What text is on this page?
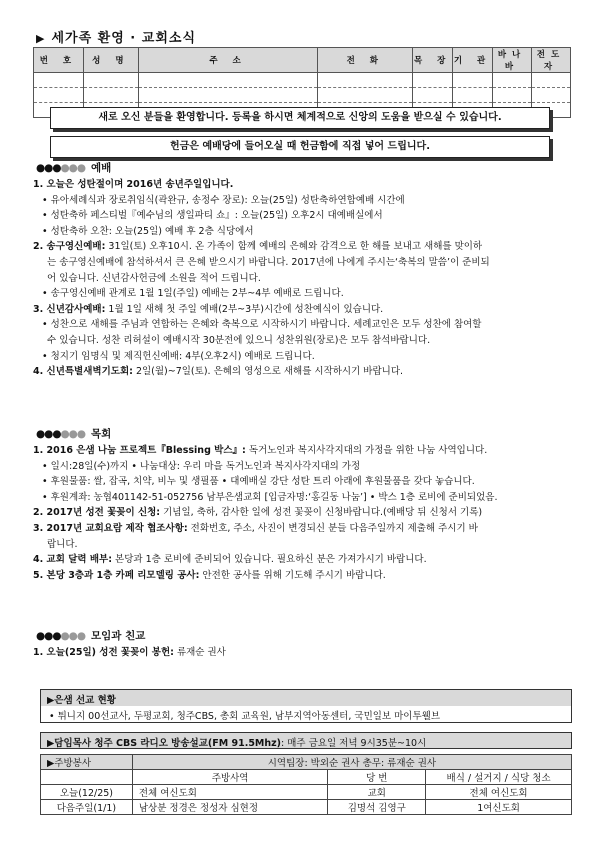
▶ 세가족 환영 · 교회소식
번 호	성 명	주 소	전 화	목 장	기 관	바나바	전도자

새로 오신 분들을 환영합니다. 등록을 하시면 체계적으로 신앙의 도움을 받으실 수 있습니다.
헌금은 예배당에 들어오실 때 헌금함에 직접 넣어 드립니다.
●●●●●● 예배

1. 오늘은 성탄절이며 2016년 송년주일입니다.

• 유아세례식과 장로취임식(곽완규, 송정수 장로): 오늘(25일) 성탄축하연합예배 시간에

• 성탄축하 페스티벌『예수님의 생일파티 쇼』: 오늘(25일) 오후2시 대예배실에서

• 성탄축하 오찬: 오늘(25일) 예배 후 2층 식당에서

2. 송구영신예배: 31일(토) 오후10시. 온 가족이 함께 예배의 은혜와 감격으로 한 해를 보내고 새해를 맞이하

는 송구영신예배에 참석하셔서 큰 은혜 받으시기 바랍니다. 2017년에 나에게 주시는‘축복의 말씀’이 준비되

어 있습니다. 신년감사헌금에 소원을 적어 드립니다.

• 송구영신예배 관계로 1월 1일(주일) 예배는 2부~4부 예배로 드립니다.

3. 신년감사예배: 1월 1일 새해 첫 주일 예배(2부~3부)시간에 성찬예식이 있습니다.

• 성찬으로 새해를 주님과 연합하는 은혜와 축복으로 시작하시기 바랍니다. 세례교인은 모두 성찬에 참여할

수 있습니다. 성찬 리허설이 예배시작 30분전에 있으니 성찬위원(장로)은 모두 참석바랍니다.

• 청지기 임명식 및 제직헌신예배: 4부(오후2시) 예배로 드립니다.

4. 신년특별새벽기도회: 2일(월)~7일(토). 은혜의 영성으로 새해를 시작하시기 바랍니다.

●●●●●● 목회

1. 2016 은샘 나눔 프로젝트『Blessing 박스』: 독거노인과 복지사각지대의 가정을 위한 나눔 사역입니다.

• 일시:28일(수)까지 • 나눔대상: 우리 마을 독거노인과 복지사각지대의 가정

• 후원물품: 쌀, 잡곡, 치약, 비누 및 생필품 • 대예배실 강단 성탄 트리 아래에 후원물품을 갖다 놓습니다.

• 후원계좌: 농협401142-51-052756 남부은샘교회 [입금자명:‘홍길동 나눔’] • 박스 1층 로비에 준비되었음.

2. 2017년 성전 꽃꽂이 신청: 기념일, 축하, 감사한 일에 성전 꽃꽂이 신청바랍니다.(예배당 뒤 신청서 기록)

3. 2017년 교회요람 제작 협조사항: 전화번호, 주소, 사진이 변경되신 분들 다음주일까지 제출해 주시기 바

랍니다.

4. 교회 달력 배부: 본당과 1층 로비에 준비되어 있습니다. 필요하신 분은 가져가시기 바랍니다.

5. 본당 3층과 1층 카페 리모델링 공사: 안전한 공사를 위해 기도해 주시기 바랍니다.

●●●●●● 모임과 친교

1. 오늘(25일) 성전 꽃꽂이 봉헌: 류재순 권사

▶은샘 선교 현황
• 튀니지 00선교사, 두평교회, 청주CBS, 총회 교육원, 남부지역아동센터, 국민일보 마이투웰브
▶담임목사 청주 CBS 라디오 방송설교(FM 91.5Mhz): 매주 금요일 저녁 9시35분~10시
▶주방봉사	시역팀장: 박외순 권사 총무: 류재순 권사		
	주방사역	당 번	배식 / 설거지 / 식당 청소
오늘(12/25)	전체 여신도회	교회	전체 여신도회
다음주일(1/1)	남상분 정경은 정성자 심현정	김명석 김영구	1여신도회
